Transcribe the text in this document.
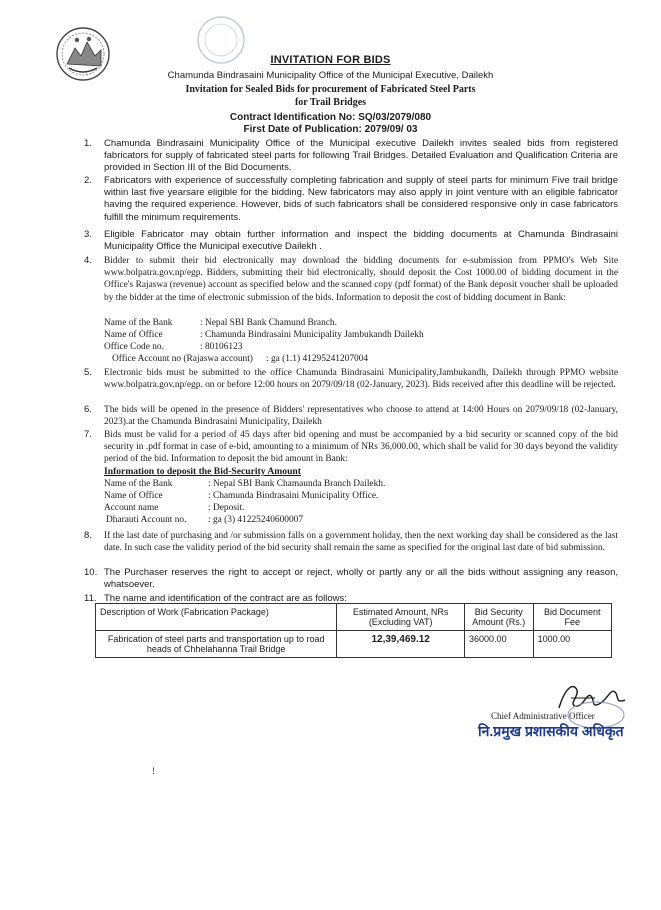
INVITATION FOR BIDS
Chamunda Bindrasaini Municipality Office of the Municipal Executive, Dailekh
Invitation for Sealed Bids for procurement of Fabricated Steel Parts
for Trail Bridges
Contract Identification No: SQ/03/2079/080
First Date of Publication: 2079/09/ 03
1. Chamunda Bindrasaini Municipality Office of the Municipal executive Dailekh invites sealed bids from registered fabricators for supply of fabricated steel parts for following Trail Bridges. Detailed Evaluation and Qualification Criteria are provided in Section III of the Bid Documents.

2. Fabricators with experience of successfully completing fabrication and supply of steel parts for minimum Five trail bridge within last five yearsare eligible for the bidding. New fabricators may also apply in joint venture with an eligible fabricator having the required experience. However, bids of such fabricators shall be considered responsive only in case fabricators fulfill the minimum requirements.

3. Eligible Fabricator may obtain further information and inspect the bidding documents at Chamunda Bindrasaini Municipality Office the Municipal executive Dailekh .

4. Bidder to submit their bid electronically may download the bidding documents for e-submission from PPMO's Web Site www.bolpatra.gov.np/egp. Bidders, submitting their bid electronically, should deposit the Cost 1000.00 of bidding document in the Office's Rajaswa (revenue) account as specified below and the scanned copy (pdf format) of the Bank deposit voucher shall be uploaded by the bidder at the time of electronic submission of the bids. Information to deposit the cost of bidding document in Bank:

Name of the Bank	: Nepal SBI Bank Chamund Branch.
Name of Office	: Chamunda Bindrasaini Municipality Jambukandh Dailekh
Office Code no.	: 80106123
Office Account no (Rajaswa account) : ga (1.1) 41295241207004
5. Electronic bids must be submitted to the office Chamunda Bindrasaini Municipality,Jambukandh, Dailekh through PPMO website www.bolpatra.gov.np/egp. on or before 12:00 hours on 2079/09/18 (02-January, 2023). Bids received after this deadline will be rejected.

6. The bids will be opened in the presence of Bidders' representatives who choose to attend at 14:00 Hours on 2079/09/18 (02-January, 2023).at the Chamunda Bindrasaini Municipality, Dailekh

7. Bids must be valid for a period of 45 days after bid opening and must be accompanied by a bid security or scanned copy of the bid security in .pdf format in case of e-bid, amounting to a minimum of NRs 36,000.00, which shall be valid for 30 days beyond the validity period of the bid. Information to deposit the bid amount in Bank:

Information to deposit the Bid-Security Amount
Name of the Bank	: Nepal SBI Bank Chamaunda Branch Dailekh.
Name of Office	: Chamunda Bindrasaini Municipality Office.
Account name	: Deposit.
Dharauti Account no. : ga (3) 41225240600007
8. If the last date of purchasing and /or submission falls on a government holiday, then the next working day shall be considered as the last date. In such case the validity period of the bid security shall remain the same as specified for the original last date of bid submission.

10. The Purchaser reserves the right to accept or reject, wholly or partly any or all the bids without assigning any reason, whatsoever.

11. The name and identification of the contract are as follows:

Description of Work (Fabrication Package)	Estimated Amount, NRs (Excluding VAT)	Bid Security Amount (Rs.)	Bid Document Fee
Fabrication of steel parts and transportation up to road heads of Chhelahanna Trail Bridge	12,39,469.12	36000.00	1000.00
Chief Administrative Officer
नि.प्रमुख प्रशासकीय अधिकृत
!
